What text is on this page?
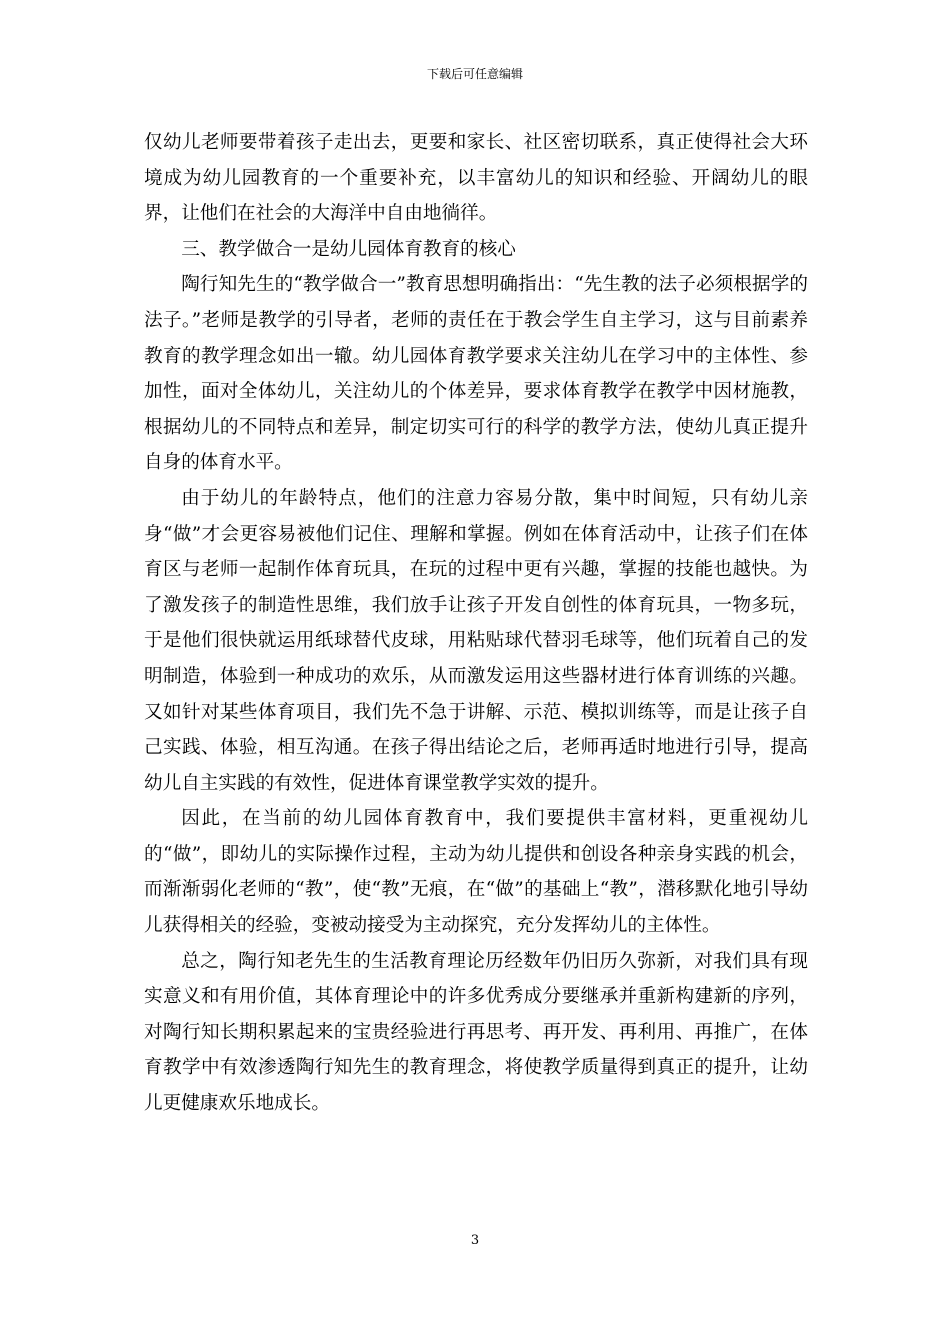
下载后可任意编辑

仅幼儿老师要带着孩子走出去，更要和家长、社区密切联系，真正使得社会大环境成为幼儿园教育的一个重要补充，以丰富幼儿的知识和经验、开阔幼儿的眼界，让他们在社会的大海洋中自由地徜徉。

三、教学做合一是幼儿园体育教育的核心

陶行知先生的“教学做合一”教育思想明确指出：“先生教的法子必须根据学的法子。”老师是教学的引导者，老师的责任在于教会学生自主学习，这与目前素养教育的教学理念如出一辙。幼儿园体育教学要求关注幼儿在学习中的主体性、参加性，面对全体幼儿，关注幼儿的个体差异，要求体育教学在教学中因材施教，根据幼儿的不同特点和差异，制定切实可行的科学的教学方法，使幼儿真正提升自身的体育水平。

由于幼儿的年龄特点，他们的注意力容易分散，集中时间短，只有幼儿亲身“做”才会更容易被他们记住、理解和掌握。例如在体育活动中，让孩子们在体育区与老师一起制作体育玩具，在玩的过程中更有兴趣，掌握的技能也越快。为了激发孩子的制造性思维，我们放手让孩子开发自创性的体育玩具，一物多玩，于是他们很快就运用纸球替代皮球，用粘贴球代替羽毛球等，他们玩着自己的发明制造，体验到一种成功的欢乐，从而激发运用这些器材进行体育训练的兴趣。又如针对某些体育项目，我们先不急于讲解、示范、模拟训练等，而是让孩子自己实践、体验，相互沟通。在孩子得出结论之后，老师再适时地进行引导，提高幼儿自主实践的有效性，促进体育课堂教学实效的提升。

因此，在当前的幼儿园体育教育中，我们要提供丰富材料，更重视幼儿的“做”，即幼儿的实际操作过程，主动为幼儿提供和创设各种亲身实践的机会，而渐渐弱化老师的“教”，使“教”无痕，在“做”的基础上“教”，潜移默化地引导幼儿获得相关的经验，变被动接受为主动探究，充分发挥幼儿的主体性。

总之，陶行知老先生的生活教育理论历经数年仍旧历久弥新，对我们具有现实意义和有用价值，其体育理论中的许多优秀成分要继承并重新构建新的序列，对陶行知长期积累起来的宝贵经验进行再思考、再开发、再利用、再推广，在体育教学中有效渗透陶行知先生的教育理念，将使教学质量得到真正的提升，让幼儿更健康欢乐地成长。

3
